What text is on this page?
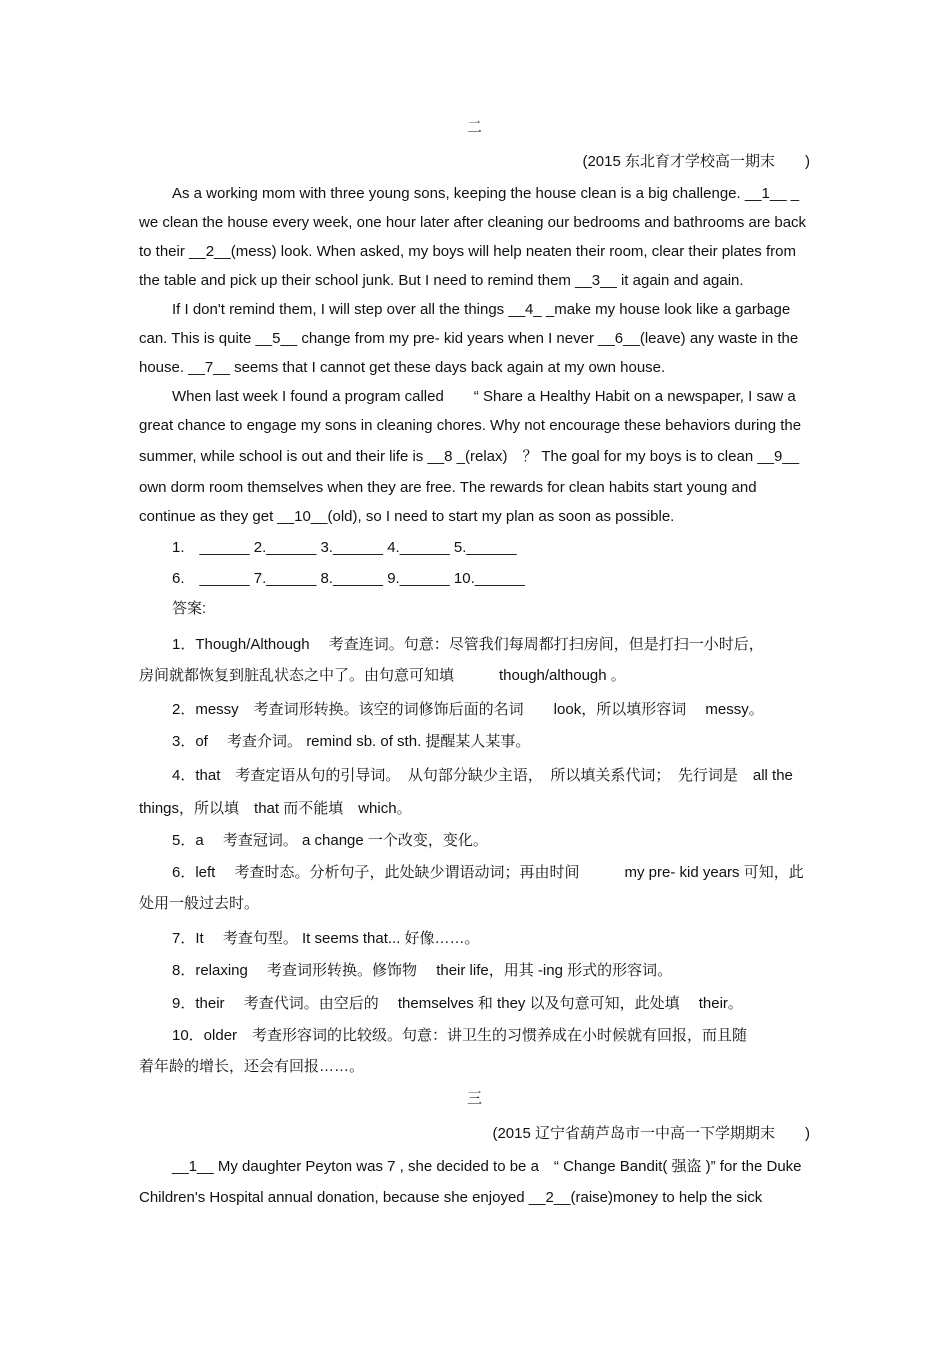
二
(2015 东北育才学校高一期末　　)
As a working mom with three young sons, keeping the house clean is a big challenge. __1__ _
we clean the house every week, one hour later after cleaning our bedrooms and bathrooms are back
to their __2__(mess) look. When asked, my boys will help neaten their room, clear their plates from
the table and pick up their school junk. But I need to remind them __3__ it again and again.
If I don't remind them, I will step over all the things __4_ _make my house look like a garbage
can. This is quite __5__ change from my pre- kid years when I never __6__(leave) any waste in the
house. __7__ seems that I cannot get these days back again at my own house.
When last week I found a program called　　“ Share a Healthy Habit on a newspaper, I saw a
great chance to engage my sons in cleaning chores. Why not encourage these behaviors during the
summer, while school is out and their life is __8 _(relax)　？ The goal for my boys is to clean __9__
own dorm room themselves when they are free. The rewards for clean habits start young and
continue as they get __10__(old), so I need to start my plan as soon as possible.
1.　______ 2.______ 3.______ 4.______ 5.______
6.　______ 7.______ 8.______ 9.______ 10.______
答案:
1．Though/Although　 考查连词。句意：尽管我们每周都打扫房间，但是打扫一小时后，
房间就都恢复到脏乱状态之中了。由句意可知填　　　though/although 。
2．messy　考查词形转换。该空的词修饰后面的名词　　look，所以填形容词　 messy。
3．of　 考查介词。 remind sb. of sth. 提醒某人某事。
4．that　考查定语从句的引导词。　从句部分缺少主语，　所以填关系代词；　先行词是　all the
things，所以填　that 而不能填　which。
5．a　 考查冠词。 a change 一个改变，变化。
6．left　 考查时态。分析句子，此处缺少谓语动词；再由时间　　　my pre- kid years 可知，此
处用一般过去时。
7．It　 考查句型。 It seems that... 好像……。
8．relaxing　 考查词形转换。修饰物　 their life，用其 -ing 形式的形容词。
9．their　 考查代词。由空后的　 themselves 和 they 以及句意可知，此处填　 their。
10．older　考查形容词的比较级。句意：讲卫生的习惯养成在小时候就有回报，而且随
着年龄的增长，还会有回报……。
三
(2015 辽宁省葫芦岛市一中高一下学期期末　　)
__1__ My daughter Peyton was 7 , she decided to be a　“ Change Bandit( 强盗 )” for the Duke
Children's Hospital annual donation, because she enjoyed __2__(raise)money to help the sick
